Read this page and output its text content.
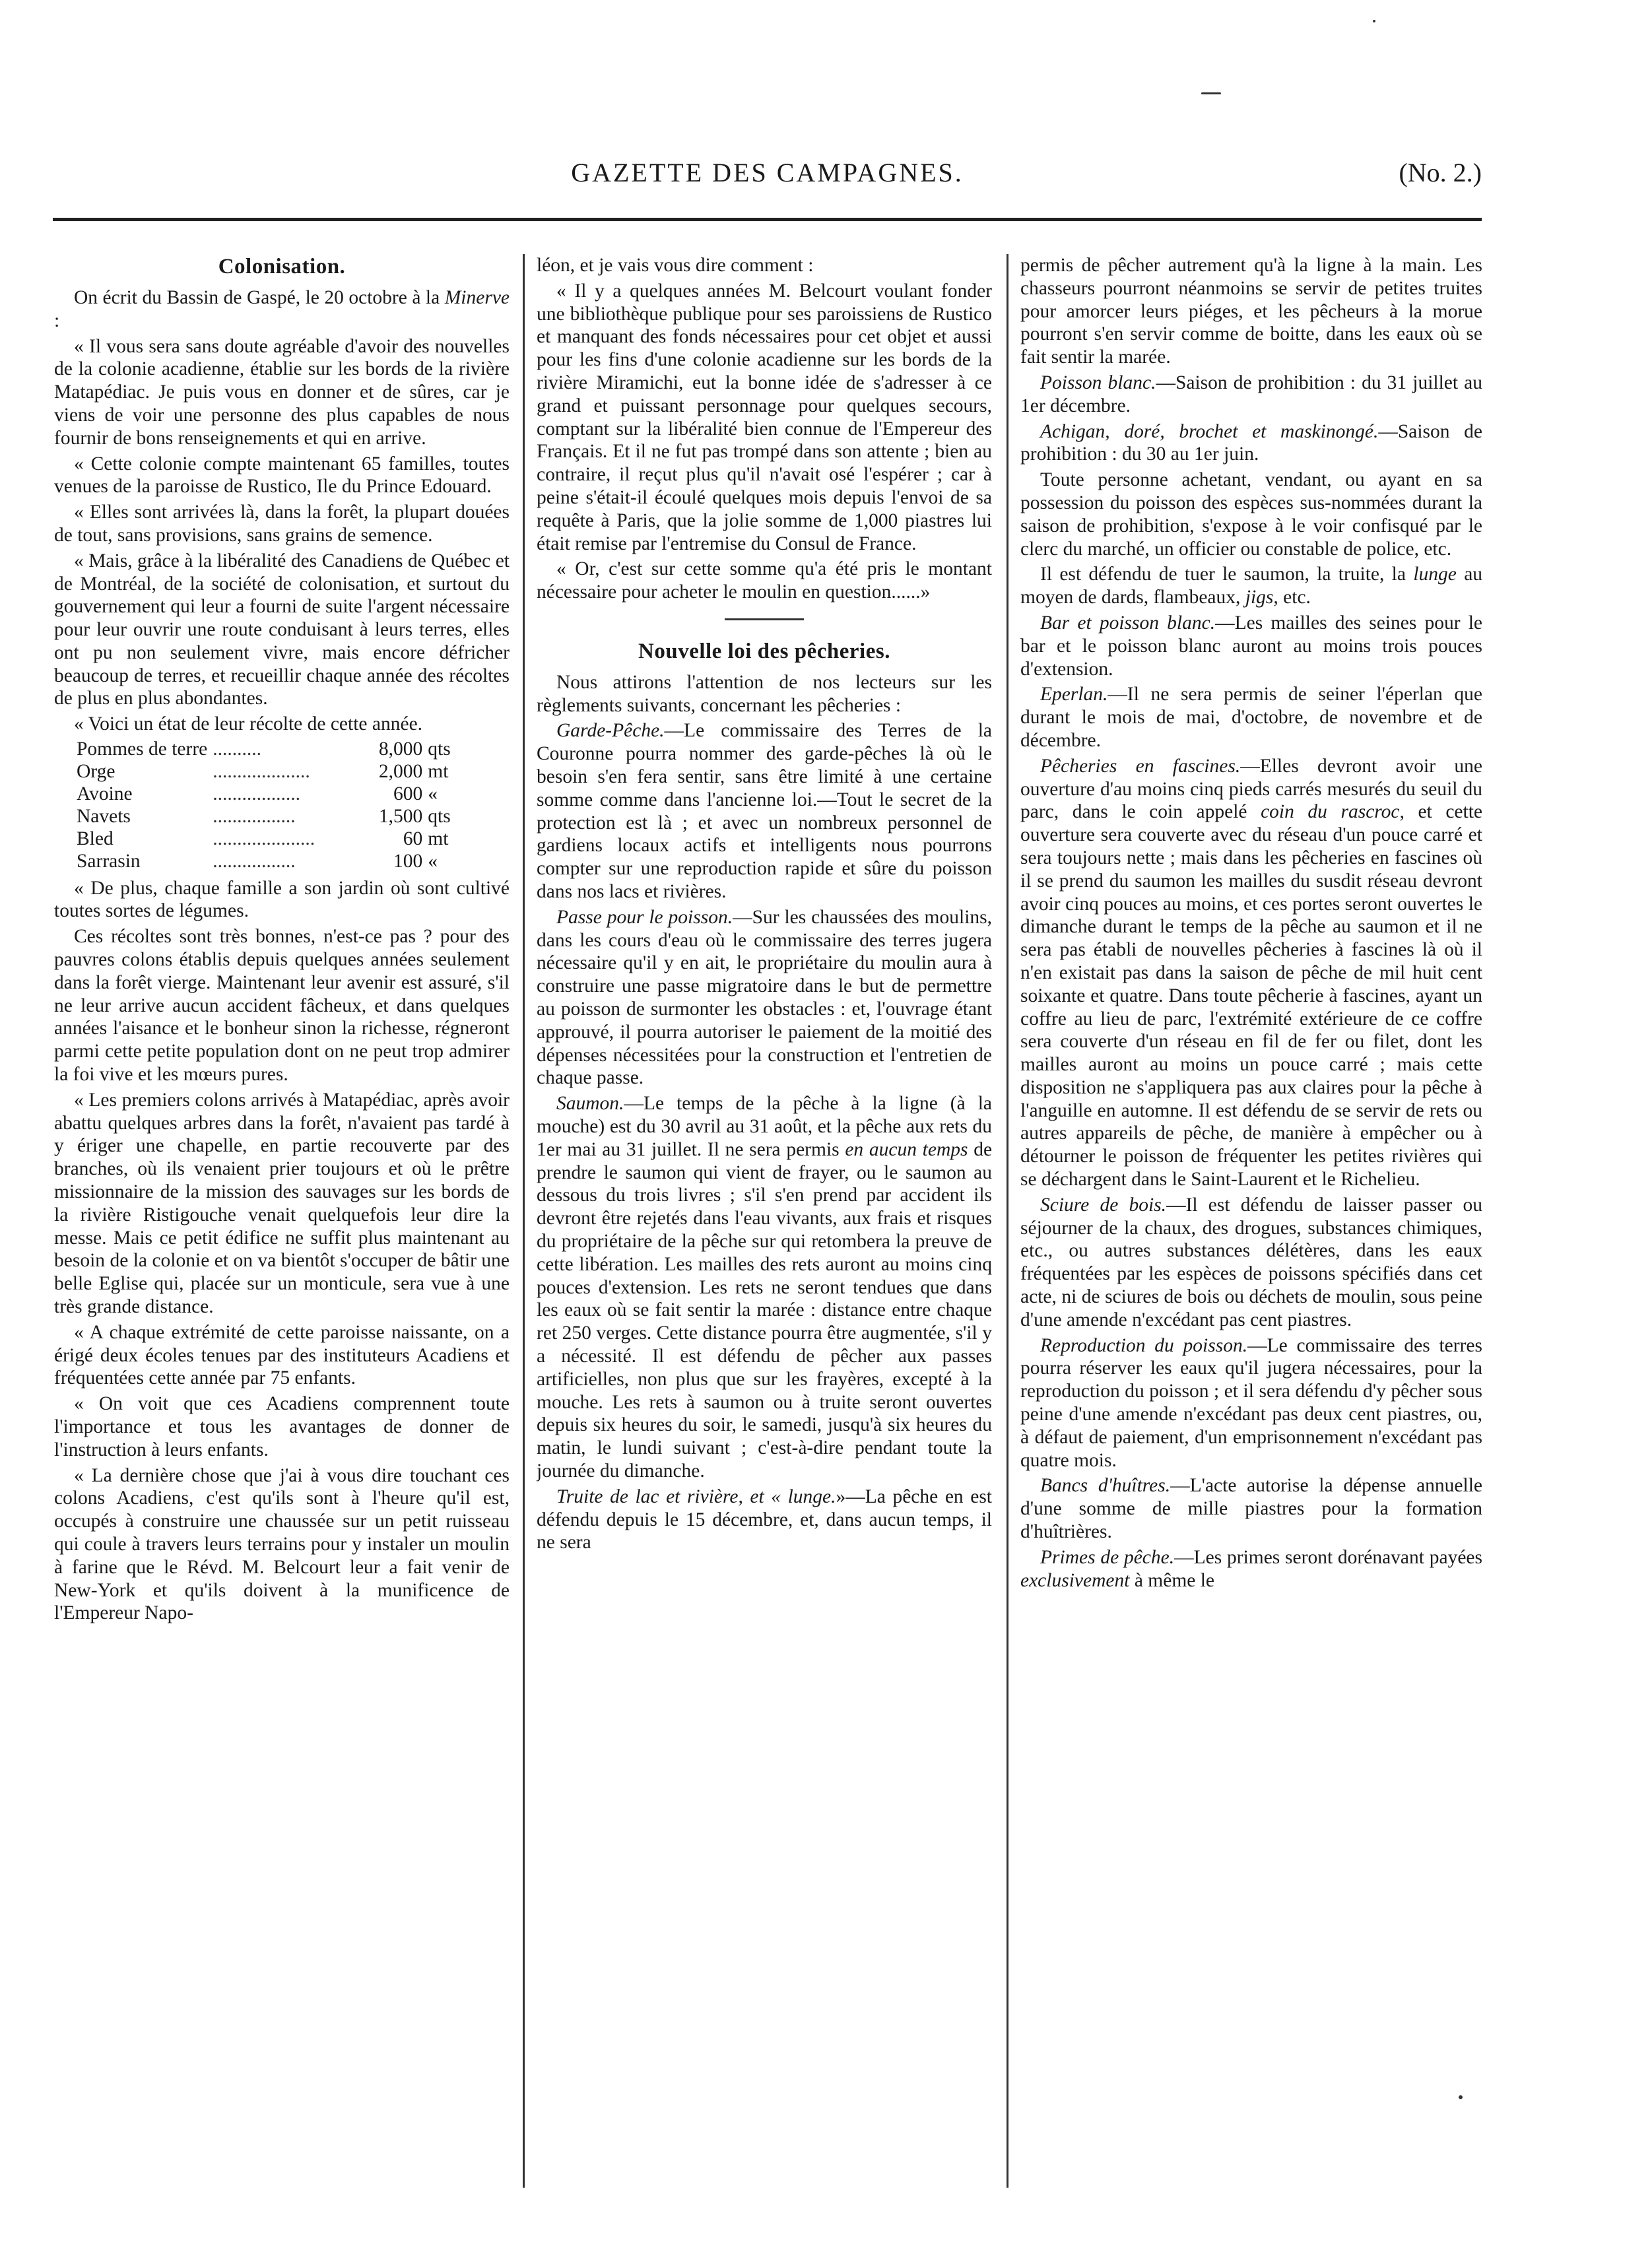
GAZETTE DES CAMPAGNES.	(No. 2.)
Colonisation.

On écrit du Bassin de Gaspé, le 20 octobre à la Minerve :

« Il vous sera sans doute agréable d'avoir des nouvelles de la colonie acadienne, établie sur les bords de la rivière Matapédiac. Je puis vous en donner et de sûres, car je viens de voir une personne des plus capables de nous fournir de bons renseignements et qui en arrive.

« Cette colonie compte maintenant 65 familles, toutes venues de la paroisse de Rustico, Ile du Prince Edouard.

« Elles sont arrivées là, dans la forêt, la plupart douées de tout, sans provisions, sans grains de semence.

« Mais, grâce à la libéralité des Canadiens de Québec et de Montréal, de la société de colonisation, et surtout du gouvernement qui leur a fourni de suite l'argent nécessaire pour leur ouvrir une route conduisant à leurs terres, elles ont pu non seulement vivre, mais encore défricher beaucoup de terres, et recueillir chaque année des récoltes de plus en plus abondantes.

« Voici un état de leur récolte de cette année.

Pommes de terre	..........	8,000	qts
Orge	....................	2,000	mt
Avoine	..................	600	«
Navets	.................	1,500	qts
Bled	.....................	60	mt
Sarrasin	.................	100	«

« De plus, chaque famille a son jardin où sont cultivé toutes sortes de légumes.

Ces récoltes sont très bonnes, n'est-ce pas ? pour des pauvres colons établis depuis quelques années seulement dans la forêt vierge. Maintenant leur avenir est assuré, s'il ne leur arrive aucun accident fâcheux, et dans quelques années l'aisance et le bonheur sinon la richesse, régneront parmi cette petite population dont on ne peut trop admirer la foi vive et les mœurs pures.

« Les premiers colons arrivés à Matapédiac, après avoir abattu quelques arbres dans la forêt, n'avaient pas tardé à y ériger une chapelle, en partie recouverte par des branches, où ils venaient prier toujours et où le prêtre missionnaire de la mission des sauvages sur les bords de la rivière Ristigouche venait quelquefois leur dire la messe. Mais ce petit édifice ne suffit plus maintenant au besoin de la colonie et on va bientôt s'occuper de bâtir une belle Eglise qui, placée sur un monticule, sera vue à une très grande distance.

« A chaque extrémité de cette paroisse naissante, on a érigé deux écoles tenues par des instituteurs Acadiens et fréquentées cette année par 75 enfants.

« On voit que ces Acadiens comprennent toute l'importance et tous les avantages de donner de l'instruction à leurs enfants.

« La dernière chose que j'ai à vous dire touchant ces colons Acadiens, c'est qu'ils sont à l'heure qu'il est, occupés à construire une chaussée sur un petit ruisseau qui coule à travers leurs terrains pour y instaler un moulin à farine que le Révd. M. Belcourt leur a fait venir de New-York et qu'ils doivent à la munificence de l'Empereur Napo-

léon, et je vais vous dire comment :

« Il y a quelques années M. Belcourt voulant fonder une bibliothèque publique pour ses paroissiens de Rustico et manquant des fonds nécessaires pour cet objet et aussi pour les fins d'une colonie acadienne sur les bords de la rivière Miramichi, eut la bonne idée de s'adresser à ce grand et puissant personnage pour quelques secours, comptant sur la libéralité bien connue de l'Empereur des Français. Et il ne fut pas trompé dans son attente ; bien au contraire, il reçut plus qu'il n'avait osé l'espérer ; car à peine s'était-il écoulé quelques mois depuis l'envoi de sa requête à Paris, que la jolie somme de 1,000 piastres lui était remise par l'entremise du Consul de France.

« Or, c'est sur cette somme qu'a été pris le montant nécessaire pour acheter le moulin en question......»

Nouvelle loi des pêcheries.

Nous attirons l'attention de nos lecteurs sur les règlements suivants, concernant les pêcheries :

Garde-Pêche.—Le commissaire des Terres de la Couronne pourra nommer des garde-pêches là où le besoin s'en fera sentir, sans être limité à une certaine somme comme dans l'ancienne loi.—Tout le secret de la protection est là ; et avec un nombreux personnel de gardiens locaux actifs et intelligents nous pourrons compter sur une reproduction rapide et sûre du poisson dans nos lacs et rivières.

Passe pour le poisson.—Sur les chaussées des moulins, dans les cours d'eau où le commissaire des terres jugera nécessaire qu'il y en ait, le propriétaire du moulin aura à construire une passe migratoire dans le but de permettre au poisson de surmonter les obstacles : et, l'ouvrage étant approuvé, il pourra autoriser le paiement de la moitié des dépenses nécessitées pour la construction et l'entretien de chaque passe.

Saumon.—Le temps de la pêche à la ligne (à la mouche) est du 30 avril au 31 août, et la pêche aux rets du 1er mai au 31 juillet. Il ne sera permis en aucun temps de prendre le saumon qui vient de frayer, ou le saumon au dessous du trois livres ; s'il s'en prend par accident ils devront être rejetés dans l'eau vivants, aux frais et risques du propriétaire de la pêche sur qui retombera la preuve de cette libération. Les mailles des rets auront au moins cinq pouces d'extension. Les rets ne seront tendues que dans les eaux où se fait sentir la marée : distance entre chaque ret 250 verges. Cette distance pourra être augmentée, s'il y a nécessité. Il est défendu de pêcher aux passes artificielles, non plus que sur les frayères, excepté à la mouche. Les rets à saumon ou à truite seront ouvertes depuis six heures du soir, le samedi, jusqu'à six heures du matin, le lundi suivant ; c'est-à-dire pendant toute la journée du dimanche.

Truite de lac et rivière, et « lunge.»—La pêche en est défendu depuis le 15 décembre, et, dans aucun temps, il ne sera

permis de pêcher autrement qu'à la ligne à la main. Les chasseurs pourront néanmoins se servir de petites truites pour amorcer leurs piéges, et les pêcheurs à la morue pourront s'en servir comme de boitte, dans les eaux où se fait sentir la marée.

Poisson blanc.—Saison de prohibition : du 31 juillet au 1er décembre.

Achigan, doré, brochet et maskinongé.—Saison de prohibition : du 30 au 1er juin.

Toute personne achetant, vendant, ou ayant en sa possession du poisson des espèces sus-nommées durant la saison de prohibition, s'expose à le voir confisqué par le clerc du marché, un officier ou constable de police, etc.

Il est défendu de tuer le saumon, la truite, la lunge au moyen de dards, flambeaux, jigs, etc.

Bar et poisson blanc.—Les mailles des seines pour le bar et le poisson blanc auront au moins trois pouces d'extension.

Eperlan.—Il ne sera permis de seiner l'éperlan que durant le mois de mai, d'octobre, de novembre et de décembre.

Pêcheries en fascines.—Elles devront avoir une ouverture d'au moins cinq pieds carrés mesurés du seuil du parc, dans le coin appelé coin du rascroc, et cette ouverture sera couverte avec du réseau d'un pouce carré et sera toujours nette ; mais dans les pêcheries en fascines où il se prend du saumon les mailles du susdit réseau devront avoir cinq pouces au moins, et ces portes seront ouvertes le dimanche durant le temps de la pêche au saumon et il ne sera pas établi de nouvelles pêcheries à fascines là où il n'en existait pas dans la saison de pêche de mil huit cent soixante et quatre. Dans toute pêcherie à fascines, ayant un coffre au lieu de parc, l'extrémité extérieure de ce coffre sera couverte d'un réseau en fil de fer ou filet, dont les mailles auront au moins un pouce carré ; mais cette disposition ne s'appliquera pas aux claires pour la pêche à l'anguille en automne. Il est défendu de se servir de rets ou autres appareils de pêche, de manière à empêcher ou à détourner le poisson de fréquenter les petites rivières qui se déchargent dans le Saint-Laurent et le Richelieu.

Sciure de bois.—Il est défendu de laisser passer ou séjourner de la chaux, des drogues, substances chimiques, etc., ou autres substances délétères, dans les eaux fréquentées par les espèces de poissons spécifiés dans cet acte, ni de sciures de bois ou déchets de moulin, sous peine d'une amende n'excédant pas cent piastres.

Reproduction du poisson.—Le commissaire des terres pourra réserver les eaux qu'il jugera nécessaires, pour la reproduction du poisson ; et il sera défendu d'y pêcher sous peine d'une amende n'excédant pas deux cent piastres, ou, à défaut de paiement, d'un emprisonnement n'excédant pas quatre mois.

Bancs d'huîtres.—L'acte autorise la dépense annuelle d'une somme de mille piastres pour la formation d'huîtrières.

Primes de pêche.—Les primes seront dorénavant payées exclusivement à même le
